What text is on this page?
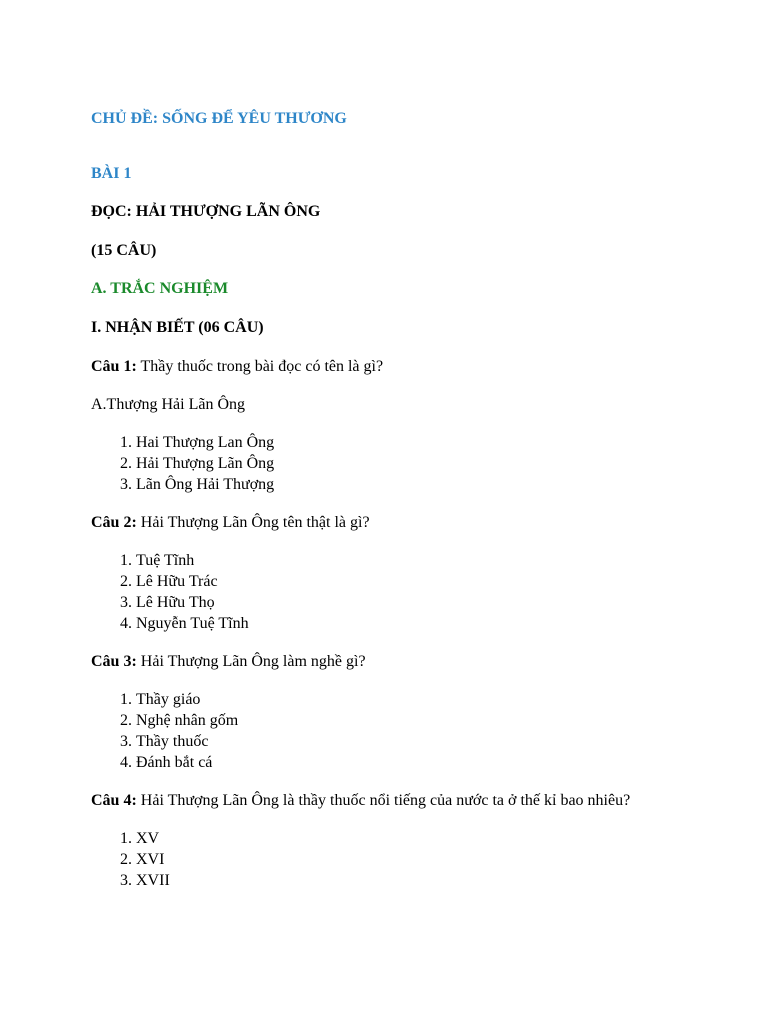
CHỦ ĐỀ: SỐNG ĐỂ YÊU THƯƠNG

BÀI 1

ĐỌC: HẢI THƯỢNG LÃN ÔNG

(15 CÂU)

A. TRẮC NGHIỆM

I. NHẬN BIẾT (06 CÂU)

Câu 1: Thầy thuốc trong bài đọc có tên là gì?

A.Thượng Hải Lãn Ông

1. Hai Thượng Lan Ông
2. Hải Thượng Lãn Ông
3. Lãn Ông Hải Thượng

Câu 2: Hải Thượng Lãn Ông tên thật là gì?

1. Tuệ Tĩnh
2. Lê Hữu Trác
3. Lê Hữu Thọ
4. Nguyễn Tuệ Tĩnh

Câu 3: Hải Thượng Lãn Ông làm nghề gì?

1. Thầy giáo
2. Nghệ nhân gốm
3. Thầy thuốc
4. Đánh bắt cá

Câu 4: Hải Thượng Lãn Ông là thầy thuốc nổi tiếng của nước ta ở thế kỉ bao nhiêu?

1. XV
2. XVI
3. XVII
